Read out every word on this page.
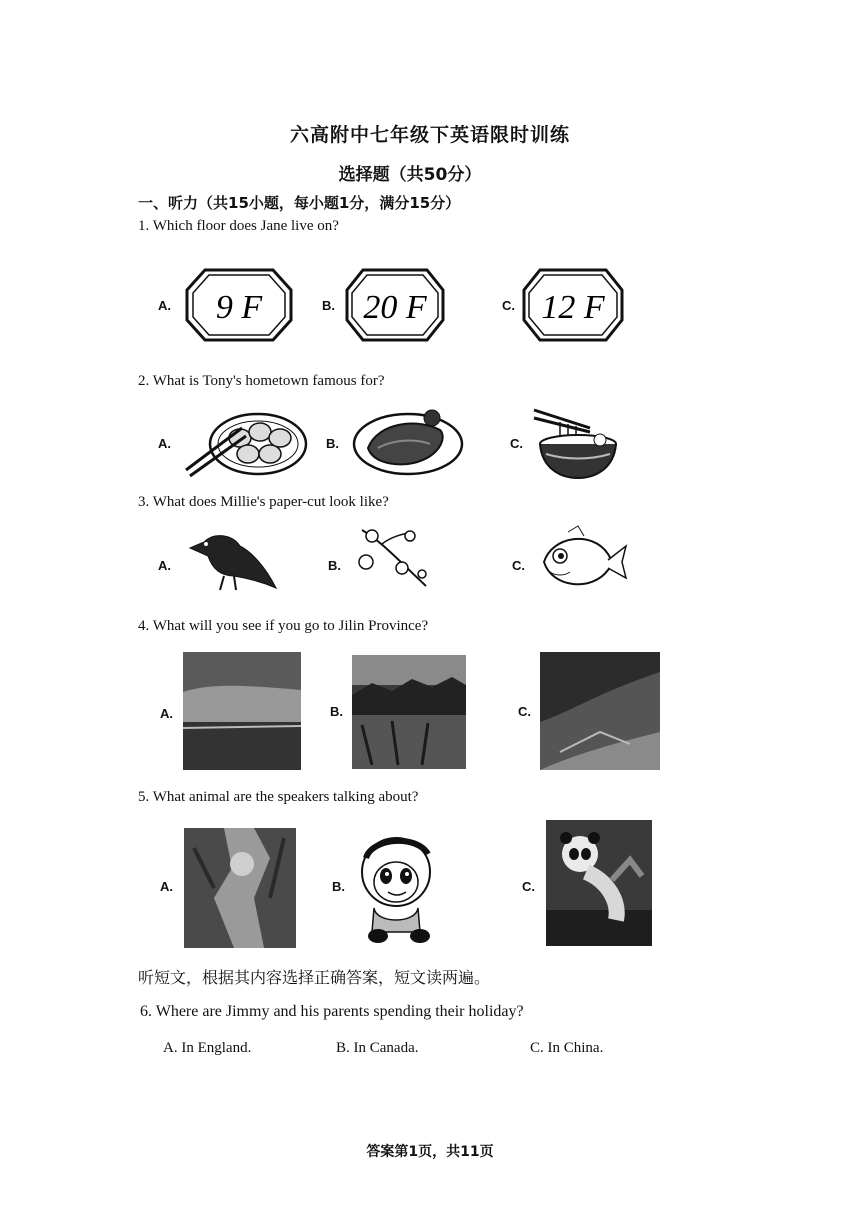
六高附中七年级下英语限时训练
选择题（共50分）
一、听力（共15小题，每小题1分，满分15分）
1. Which floor does Jane live on?
A. 9 F	B. 20 F	C. 12 F
2. What is Tony's hometown famous for?
A.	B.	C.
3. What does Millie's paper-cut look like?
A.	B.	C.
4. What will you see if you go to Jilin Province?
A.	B.	C.
5. What animal are the speakers talking about?
A.	B.	C.
听短文，根据其内容选择正确答案，短文读两遍。
6. Where are Jimmy and his parents spending their holiday?
A. In England.	B. In Canada.	C. In China.
答案第1页，共11页
